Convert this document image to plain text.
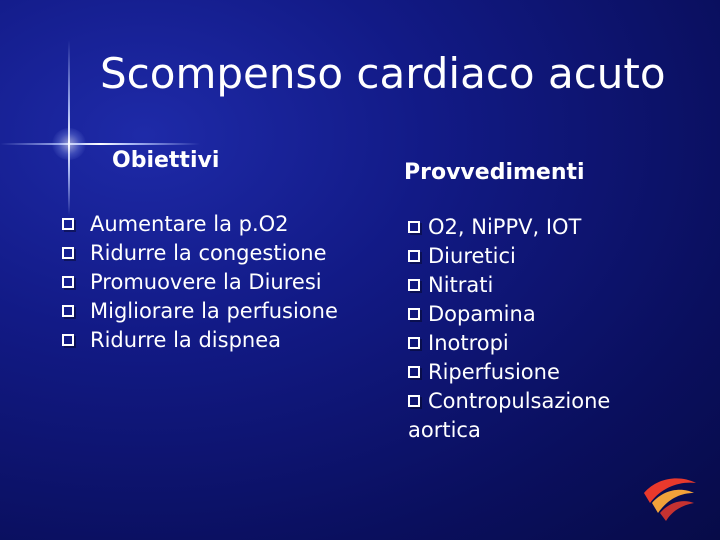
Scompenso cardiaco acuto
Obiettivi
Aumentare la p.O2
Ridurre la congestione
Promuovere la Diuresi
Migliorare la perfusione
Ridurre la dispnea
Provvedimenti
O2, NiPPV, IOT
Diuretici
Nitrati
Dopamina
Inotropi
Riperfusione
Contropulsazione
aortica
